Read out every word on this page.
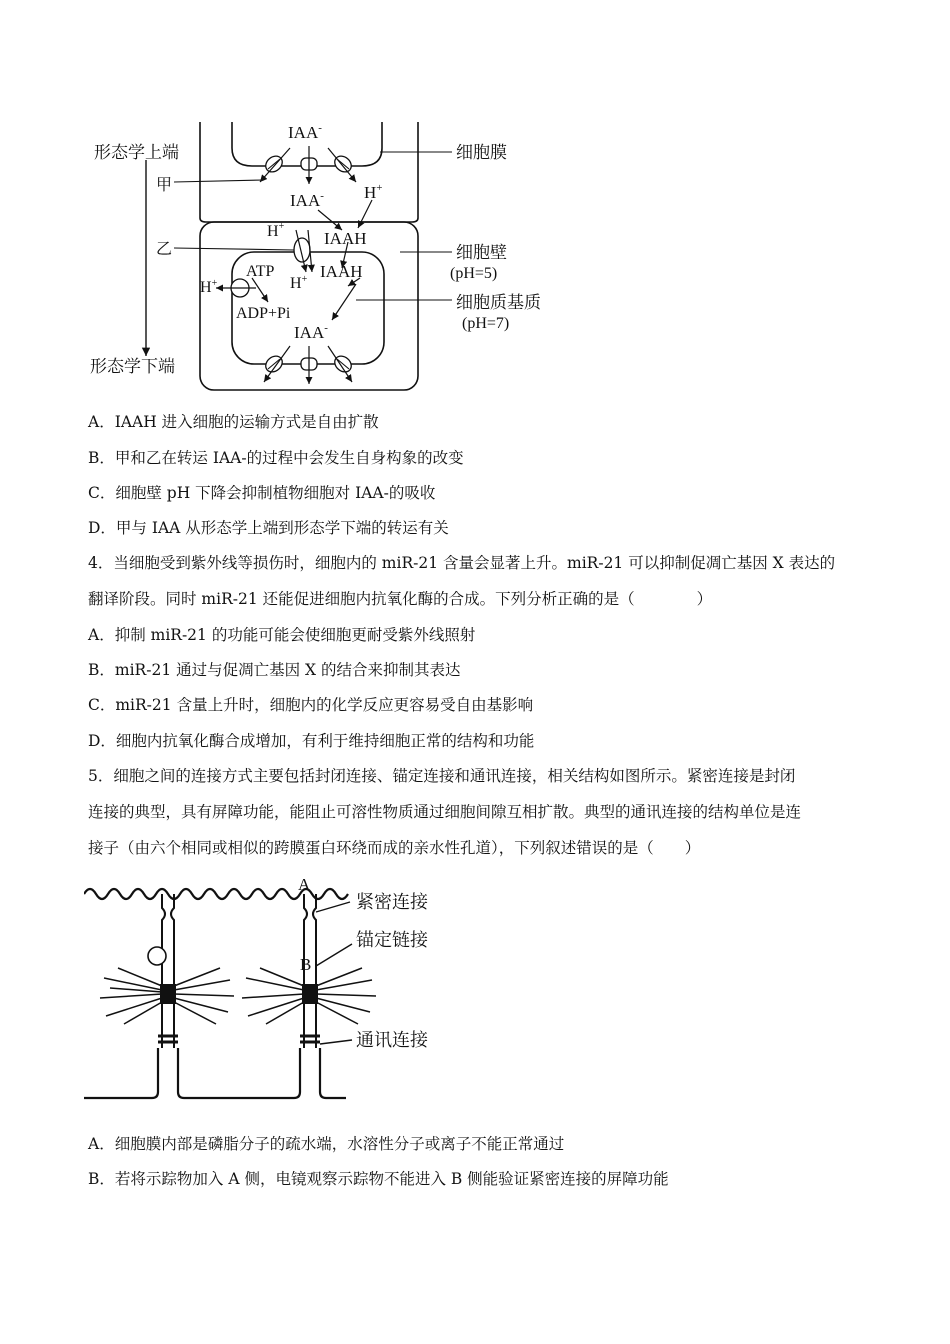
形态学上端
甲
乙
形态学下端
IAA-
IAA- H+
H+
IAAH
IAAH
ATP
H+
H+
ADP+Pi
IAA-
细胞膜
细胞壁
(pH=5)
细胞质基质
(pH=7)
A．IAAH 进入细胞的运输方式是自由扩散
B．甲和乙在转运 IAA-的过程中会发生自身构象的改变
C．细胞壁 pH 下降会抑制植物细胞对 IAA-的吸收
D．甲与 IAA 从形态学上端到形态学下端的转运有关
4．当细胞受到紫外线等损伤时，细胞内的 miR-21 含量会显著上升。miR-21 可以抑制促凋亡基因 X 表达的
翻译阶段。同时 miR-21 还能促进细胞内抗氧化酶的合成。下列分析正确的是（　　　　）
A．抑制 miR-21 的功能可能会使细胞更耐受紫外线照射
B．miR-21 通过与促凋亡基因 X 的结合来抑制其表达
C．miR-21 含量上升时，细胞内的化学反应更容易受自由基影响
D．细胞内抗氧化酶合成增加，有利于维持细胞正常的结构和功能
5．细胞之间的连接方式主要包括封闭连接、锚定连接和通讯连接，相关结构如图所示。紧密连接是封闭
连接的典型，具有屏障功能，能阻止可溶性物质通过细胞间隙互相扩散。典型的通讯连接的结构单位是连
接子（由六个相同或相似的跨膜蛋白环绕而成的亲水性孔道），下列叙述错误的是（　　）
A
B
紧密连接
锚定链接
通讯连接
A．细胞膜内部是磷脂分子的疏水端，水溶性分子或离子不能正常通过
B．若将示踪物加入 A 侧，电镜观察示踪物不能进入 B 侧能验证紧密连接的屏障功能
